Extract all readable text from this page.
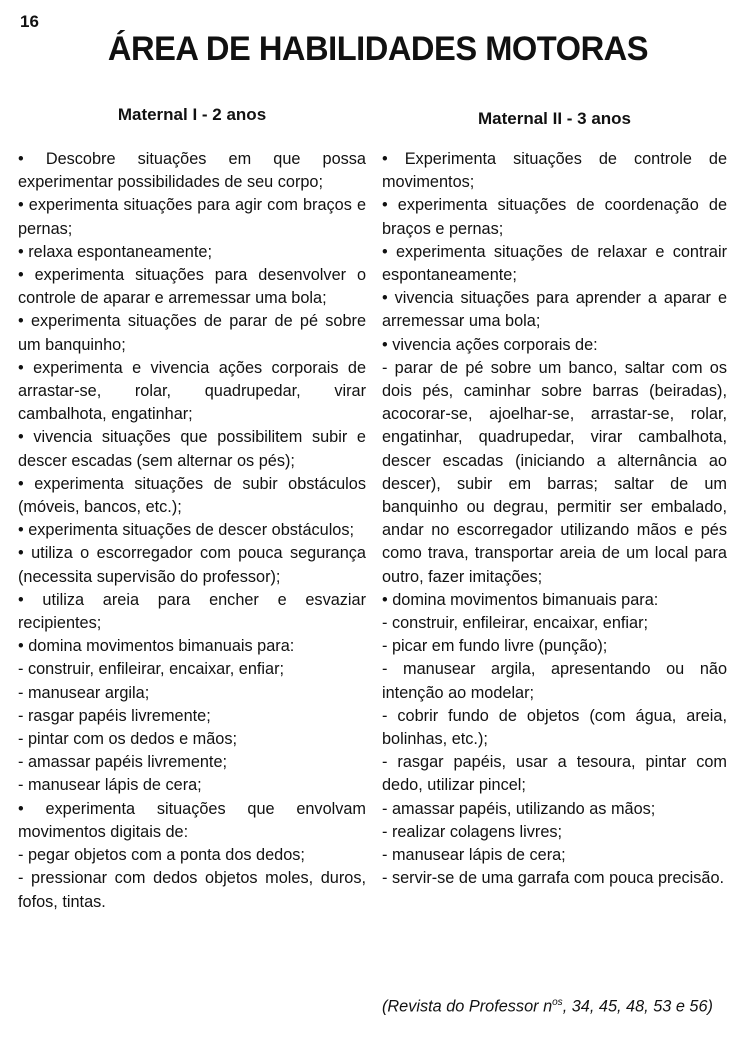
16
ÁREA DE HABILIDADES MOTORAS
Maternal I - 2 anos
• Descobre situações em que possa experimentar possibilidades de seu corpo;
• experimenta situações para agir com braços e pernas;
• relaxa espontaneamente;
• experimenta situações para desenvolver o controle de aparar e arremessar uma bola;
• experimenta situações de parar de pé sobre um banquinho;
• experimenta e vivencia ações corporais de arrastar-se, rolar, quadrupedar, virar cambalhota, engatinhar;
• vivencia situações que possibilitem subir e descer escadas (sem alternar os pés);
• experimenta situações de subir obstáculos (móveis, bancos, etc.);
• experimenta situações de descer obstáculos;
• utiliza o escorregador com pouca segurança (necessita supervisão do professor);
• utiliza areia para encher e esvaziar recipientes;
• domina movimentos bimanuais para:
- construir, enfileirar, encaixar, enfiar;
- manusear argila;
- rasgar papéis livremente;
- pintar com os dedos e mãos;
- amassar papéis livremente;
- manusear lápis de cera;
• experimenta situações que envolvam movimentos digitais de:
- pegar objetos com a ponta dos dedos;
- pressionar com dedos objetos moles, duros, fofos, tintas.
Maternal II - 3 anos
• Experimenta situações de controle de movimentos;
• experimenta situações de coordenação de braços e pernas;
• experimenta situações de relaxar e contrair espontaneamente;
• vivencia situações para aprender a aparar e arremessar uma bola;
• vivencia ações corporais de:
- parar de pé sobre um banco, saltar com os dois pés, caminhar sobre barras (beiradas), acocorar-se, ajoelhar-se, arrastar-se, rolar, engatinhar, quadrupedar, virar cambalhota, descer escadas (iniciando a alternância ao descer), subir em barras; saltar de um banquinho ou degrau, permitir ser embalado, andar no escorregador utilizando mãos e pés como trava, transportar areia de um local para outro, fazer imitações;
• domina movimentos bimanuais para:
- construir, enfileirar, encaixar, enfiar;
- picar em fundo livre (punção);
- manusear argila, apresentando ou não intenção ao modelar;
- cobrir fundo de objetos (com água, areia, bolinhas, etc.);
- rasgar papéis, usar a tesoura, pintar com dedo, utilizar pincel;
- amassar papéis, utilizando as mãos;
- realizar colagens livres;
- manusear lápis de cera;
- servir-se de uma garrafa com pouca precisão.
(Revista do Professor $n^{os}$, 34, 45, 48, 53 e 56)
